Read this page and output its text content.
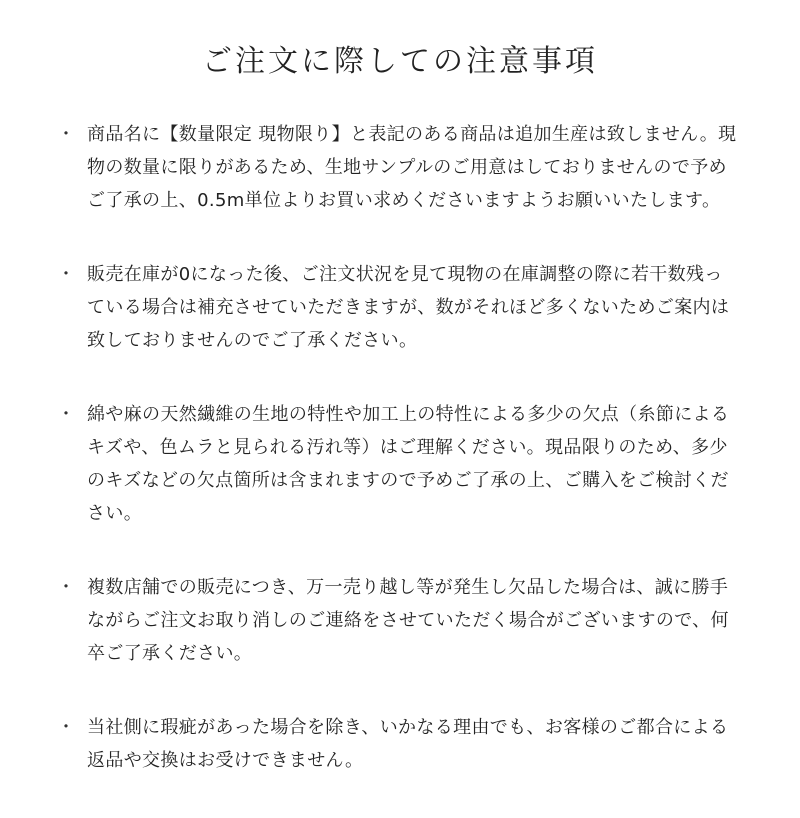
ご注文に際しての注意事項
・ 商品名に【数量限定 現物限り】と表記のある商品は追加生産は致しません。現物の数量に限りがあるため、生地サンプルのご用意はしておりませんので予めご了承の上、0.5m単位よりお買い求めくださいますようお願いいたします。
・ 販売在庫が0になった後、ご注文状況を見て現物の在庫調整の際に若干数残っている場合は補充させていただきますが、数がそれほど多くないためご案内は致しておりませんのでご了承ください。
・ 綿や麻の天然繊維の生地の特性や加工上の特性による多少の欠点（糸節によるキズや、色ムラと見られる汚れ等）はご理解ください。現品限りのため、多少のキズなどの欠点箇所は含まれますので予めご了承の上、ご購入をご検討ください。
・ 複数店舗での販売につき、万一売り越し等が発生し欠品した場合は、誠に勝手ながらご注文お取り消しのご連絡をさせていただく場合がございますので、何卒ご了承ください。
・ 当社側に瑕疵があった場合を除き、いかなる理由でも、お客様のご都合による返品や交換はお受けできません。
